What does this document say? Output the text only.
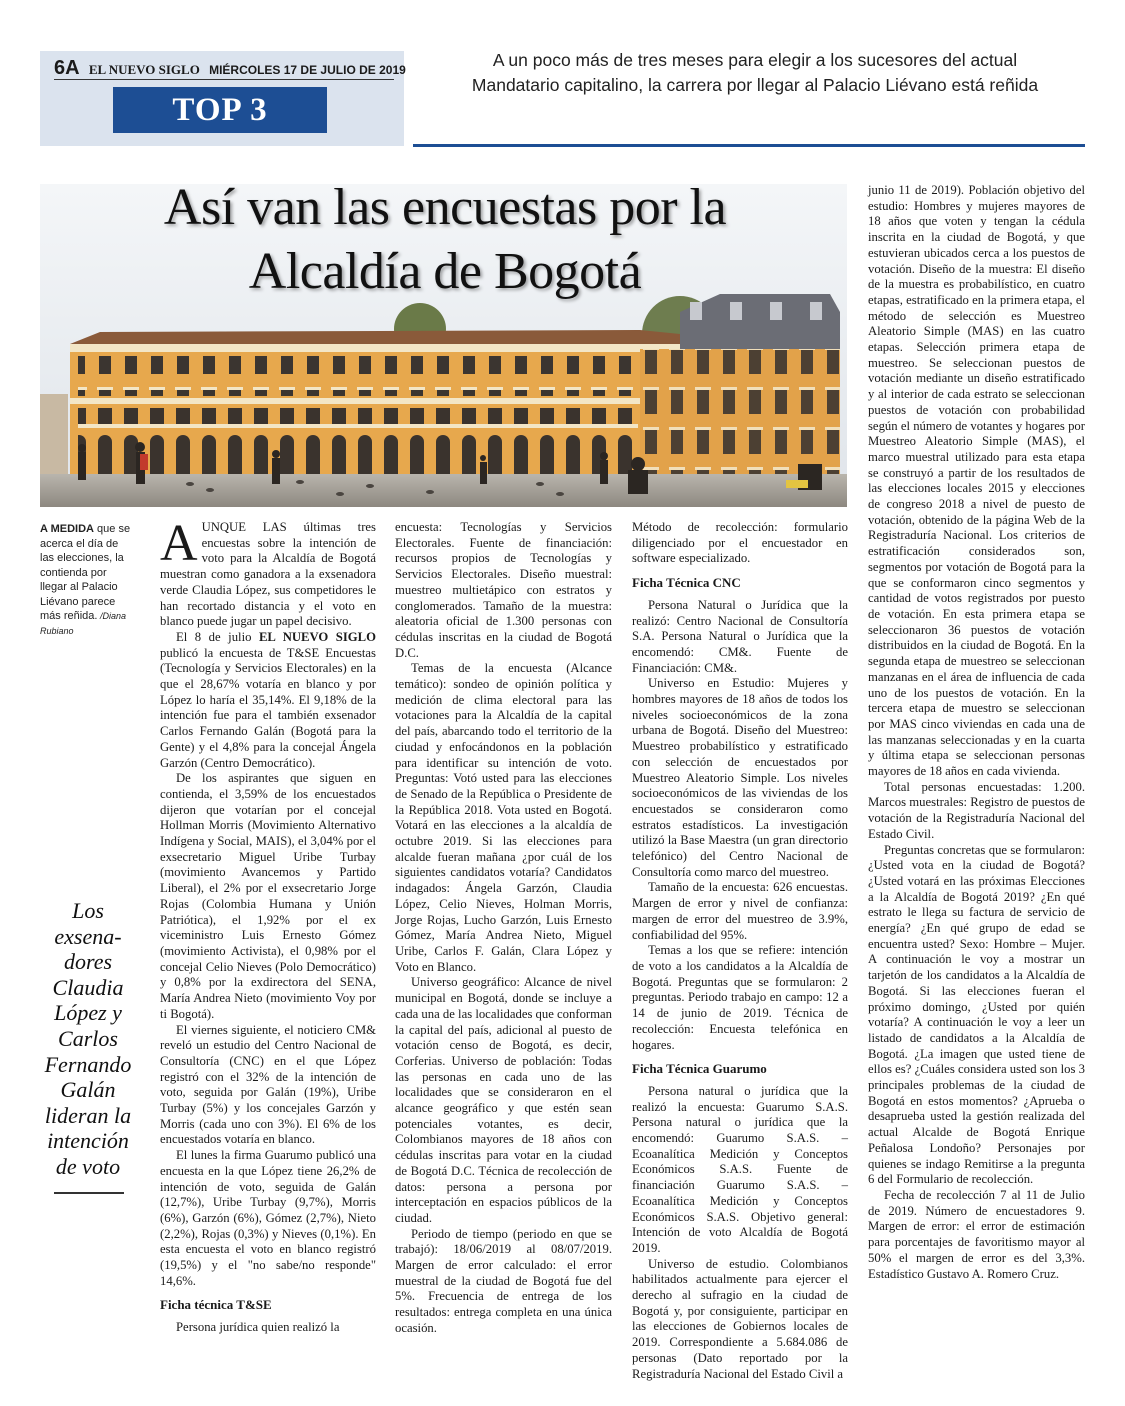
6A EL NUEVO SIGLO MIÉRCOLES 17 DE JULIO DE 2019
TOP 3
A un poco más de tres meses para elegir a los sucesores del actual Mandatario capitalino, la carrera por llegar al Palacio Liévano está reñida
Así van las encuestas por la Alcaldía de Bogotá
A MEDIDA que se acerca el día de las elecciones, la contienda por llegar al Palacio Liévano parece más reñida. /Diana Rubiano
Los exsena-dores Claudia López y Carlos Fernando Galán lideran la intención de voto

AUNQUE LAS últimas tres encuestas sobre la intención de voto para la Alcaldía de Bogotá muestran como ganadora a la exsenadora verde Claudia López, sus competidores le han recortado distancia y el voto en blanco puede jugar un papel decisivo.

El 8 de julio EL NUEVO SIGLO publicó la encuesta de T&SE Encuestas (Tecnología y Servicios Electorales) en la que el 28,67% votaría en blanco y por López lo haría el 35,14%. El 9,18% de la intención fue para el también exsenador Carlos Fernando Galán (Bogotá para la Gente) y el 4,8% para la concejal Ángela Garzón (Centro Democrático).

De los aspirantes que siguen en contienda, el 3,59% de los encuestados dijeron que votarían por el concejal Hollman Morris (Movimiento Alternativo Indígena y Social, MAIS), el 3,04% por el exsecretario Miguel Uribe Turbay (movimiento Avancemos y Partido Liberal), el 2% por el exsecretario Jorge Rojas (Colombia Humana y Unión Patriótica), el 1,92% por el ex viceministro Luis Ernesto Gómez (movimiento Activista), el 0,98% por el concejal Celio Nieves (Polo Democrático) y 0,8% por la exdirectora del SENA, María Andrea Nieto (movimiento Voy por ti Bogotá).

El viernes siguiente, el noticiero CM& reveló un estudio del Centro Nacional de Consultoría (CNC) en el que López registró con el 32% de la intención de voto, seguida por Galán (19%), Uribe Turbay (5%) y los concejales Garzón y Morris (cada uno con 3%). El 6% de los encuestados votaría en blanco.

El lunes la firma Guarumo publicó una encuesta en la que López tiene 26,2% de intención de voto, seguida de Galán (12,7%), Uribe Turbay (9,7%), Morris (6%), Garzón (6%), Gómez (2,7%), Nieto (2,2%), Rojas (0,3%) y Nieves (0,1%). En esta encuesta el voto en blanco registró (19,5%) y el "no sabe/no responde" 14,6%.

Ficha técnica T&SE

Persona jurídica quien realizó la

encuesta: Tecnologías y Servicios Electorales. Fuente de financiación: recursos propios de Tecnologías y Servicios Electorales. Diseño muestral: muestreo multietápico con estratos y conglomerados. Tamaño de la muestra: aleatoria oficial de 1.300 personas con cédulas inscritas en la ciudad de Bogotá D.C.

Temas de la encuesta (Alcance temático): sondeo de opinión política y medición de clima electoral para las votaciones para la Alcaldía de la capital del país, abarcando todo el territorio de la ciudad y enfocándonos en la población para identificar su intención de voto. Preguntas: Votó usted para las elecciones de Senado de la República o Presidente de la República 2018. Vota usted en Bogotá. Votará en las elecciones a la alcaldía de octubre 2019. Si las elecciones para alcalde fueran mañana ¿por cuál de los siguientes candidatos votaría? Candidatos indagados: Ángela Garzón, Claudia López, Celio Nieves, Holman Morris, Jorge Rojas, Lucho Garzón, Luis Ernesto Gómez, María Andrea Nieto, Miguel Uribe, Carlos F. Galán, Clara López y Voto en Blanco.

Universo geográfico: Alcance de nivel municipal en Bogotá, donde se incluye a cada una de las localidades que conforman la capital del país, adicional al puesto de votación censo de Bogotá, es decir, Corferias. Universo de población: Todas las personas en cada uno de las localidades que se consideraron en el alcance geográfico y que estén sean potenciales votantes, es decir, Colombianos mayores de 18 años con cédulas inscritas para votar en la ciudad de Bogotá D.C. Técnica de recolección de datos: persona a persona por interceptación en espacios públicos de la ciudad.

Periodo de tiempo (periodo en que se trabajó): 18/06/2019 al 08/07/2019. Margen de error calculado: el error muestral de la ciudad de Bogotá fue del 5%. Frecuencia de entrega de los resultados: entrega completa en una única ocasión.

Método de recolección: formulario diligenciado por el encuestador en software especializado.

Ficha Técnica CNC

Persona Natural o Jurídica que la realizó: Centro Nacional de Consultoría S.A. Persona Natural o Jurídica que la encomendó: CM&. Fuente de Financiación: CM&.

Universo en Estudio: Mujeres y hombres mayores de 18 años de todos los niveles socioeconómicos de la zona urbana de Bogotá. Diseño del Muestreo: Muestreo probabilístico y estratificado con selección de encuestados por Muestreo Aleatorio Simple. Los niveles socioeconómicos de las viviendas de los encuestados se consideraron como estratos estadísticos. La investigación utilizó la Base Maestra (un gran directorio telefónico) del Centro Nacional de Consultoría como marco del muestreo.

Tamaño de la encuesta: 626 encuestas. Margen de error y nivel de confianza: margen de error del muestreo de 3.9%, confiabilidad del 95%.

Temas a los que se refiere: intención de voto a los candidatos a la Alcaldía de Bogotá. Preguntas que se formularon: 2 preguntas. Periodo trabajo en campo: 12 a 14 de junio de 2019. Técnica de recolección: Encuesta telefónica en hogares.

Ficha Técnica Guarumo

Persona natural o jurídica que la realizó la encuesta: Guarumo S.A.S. Persona natural o jurídica que la encomendó: Guarumo S.A.S. – Ecoanalítica Medición y Conceptos Económicos S.A.S. Fuente de financiación Guarumo S.A.S. – Ecoanalítica Medición y Conceptos Económicos S.A.S. Objetivo general: Intención de voto Alcaldía de Bogotá 2019.

Universo de estudio. Colombianos habilitados actualmente para ejercer el derecho al sufragio en la ciudad de Bogotá y, por consiguiente, participar en las elecciones de Gobiernos locales de 2019. Correspondiente a 5.684.086 de personas (Dato reportado por la Registraduría Nacional del Estado Civil a

junio 11 de 2019). Población objetivo del estudio: Hombres y mujeres mayores de 18 años que voten y tengan la cédula inscrita en la ciudad de Bogotá, y que estuvieran ubicados cerca a los puestos de votación. Diseño de la muestra: El diseño de la muestra es probabilístico, en cuatro etapas, estratificado en la primera etapa, el método de selección es Muestreo Aleatorio Simple (MAS) en las cuatro etapas. Selección primera etapa de muestreo. Se seleccionan puestos de votación mediante un diseño estratificado y al interior de cada estrato se seleccionan puestos de votación con probabilidad según el número de votantes y hogares por Muestreo Aleatorio Simple (MAS), el marco muestral utilizado para esta etapa se construyó a partir de los resultados de las elecciones locales 2015 y elecciones de congreso 2018 a nivel de puesto de votación, obtenido de la página Web de la Registraduría Nacional. Los criterios de estratificación considerados son, segmentos por votación de Bogotá para la que se conformaron cinco segmentos y cantidad de votos registrados por puesto de votación. En esta primera etapa se seleccionaron 36 puestos de votación distribuidos en la ciudad de Bogotá. En la segunda etapa de muestreo se seleccionan manzanas en el área de influencia de cada uno de los puestos de votación. En la tercera etapa de muestro se seleccionan por MAS cinco viviendas en cada una de las manzanas seleccionadas y en la cuarta y última etapa se seleccionan personas mayores de 18 años en cada vivienda.

Total personas encuestadas: 1.200. Marcos muestrales: Registro de puestos de votación de la Registraduría Nacional del Estado Civil.

Preguntas concretas que se formularon: ¿Usted vota en la ciudad de Bogotá? ¿Usted votará en las próximas Elecciones a la Alcaldía de Bogotá 2019? ¿En qué estrato le llega su factura de servicio de energía? ¿En qué grupo de edad se encuentra usted? Sexo: Hombre – Mujer. A continuación le voy a mostrar un tarjetón de los candidatos a la Alcaldía de Bogotá. Si las elecciones fueran el próximo domingo, ¿Usted por quién votaría? A continuación le voy a leer un listado de candidatos a la Alcaldía de Bogotá. ¿La imagen que usted tiene de ellos es? ¿Cuáles considera usted son los 3 principales problemas de la ciudad de Bogotá en estos momentos? ¿Aprueba o desaprueba usted la gestión realizada del actual Alcalde de Bogotá Enrique Peñalosa Londoño? Personajes por quienes se indago Remitirse a la pregunta 6 del Formulario de recolección.

Fecha de recolección 7 al 11 de Julio de 2019. Número de encuestadores 9. Margen de error: el error de estimación para porcentajes de favoritismo mayor al 50% el margen de error es del 3,3%. Estadístico Gustavo A. Romero Cruz.
